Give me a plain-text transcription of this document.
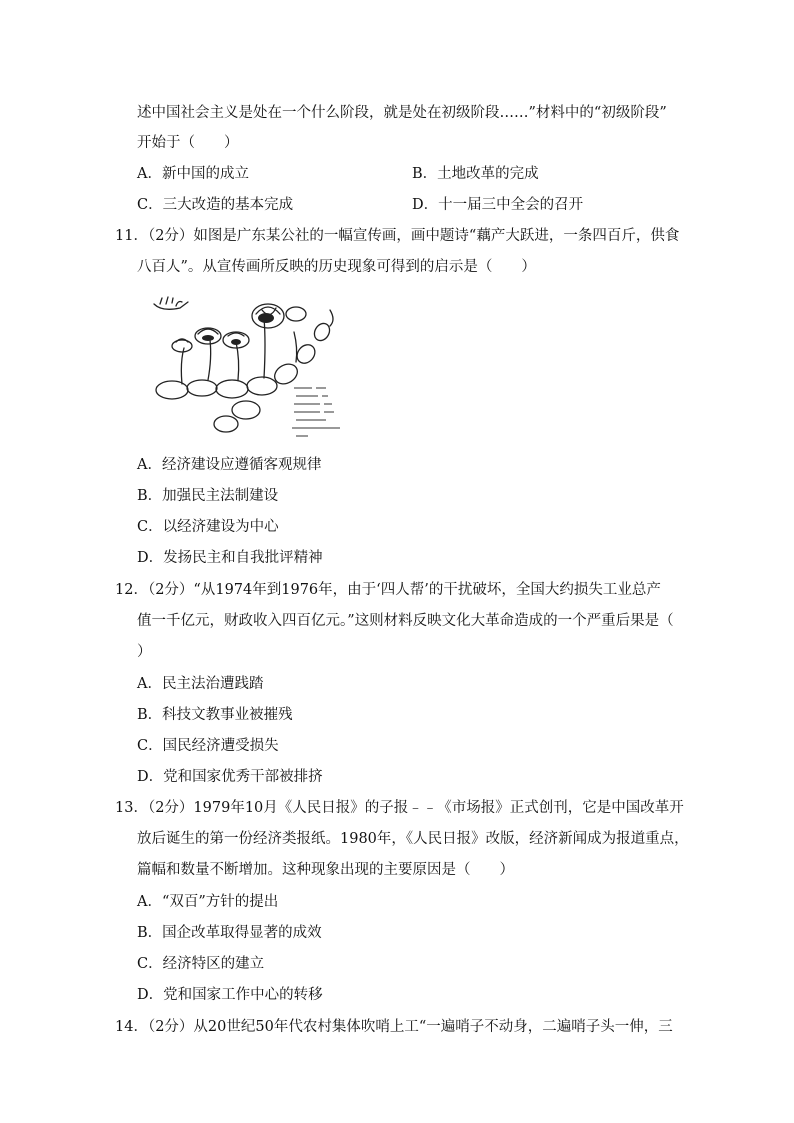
述中国社会主义是处在一个什么阶段，就是处在初级阶段……”材料中的“初级阶段”
开始于（　　）
A．新中国的成立	B．土地改革的完成
C．三大改造的基本完成	D．十一届三中全会的召开
11．（2分）如图是广东某公社的一幅宣传画，画中题诗“藕产大跃进，一条四百斤，供食
八百人”。从宣传画所反映的历史现象可得到的启示是（　　）
A．经济建设应遵循客观规律
B．加强民主法制建设
C．以经济建设为中心
D．发扬民主和自我批评精神
12．（2分）“从1974年到1976年，由于‘四人帮’的干扰破坏，全国大约损失工业总产
值一千亿元，财政收入四百亿元。”这则材料反映文化大革命造成的一个严重后果是（
）
A．民主法治遭践踏
B．科技文教事业被摧残
C．国民经济遭受损失
D．党和国家优秀干部被排挤
13．（2分）1979年10月《人民日报》的子报﹣﹣《市场报》正式创刊，它是中国改革开
放后诞生的第一份经济类报纸。1980年，《人民日报》改版，经济新闻成为报道重点，
篇幅和数量不断增加。这种现象出现的主要原因是（　　）
A．“双百”方针的提出
B．国企改革取得显著的成效
C．经济特区的建立
D．党和国家工作中心的转移
14．（2分）从20世纪50年代农村集体吹哨上工“一遍哨子不动身，二遍哨子头一伸，三
